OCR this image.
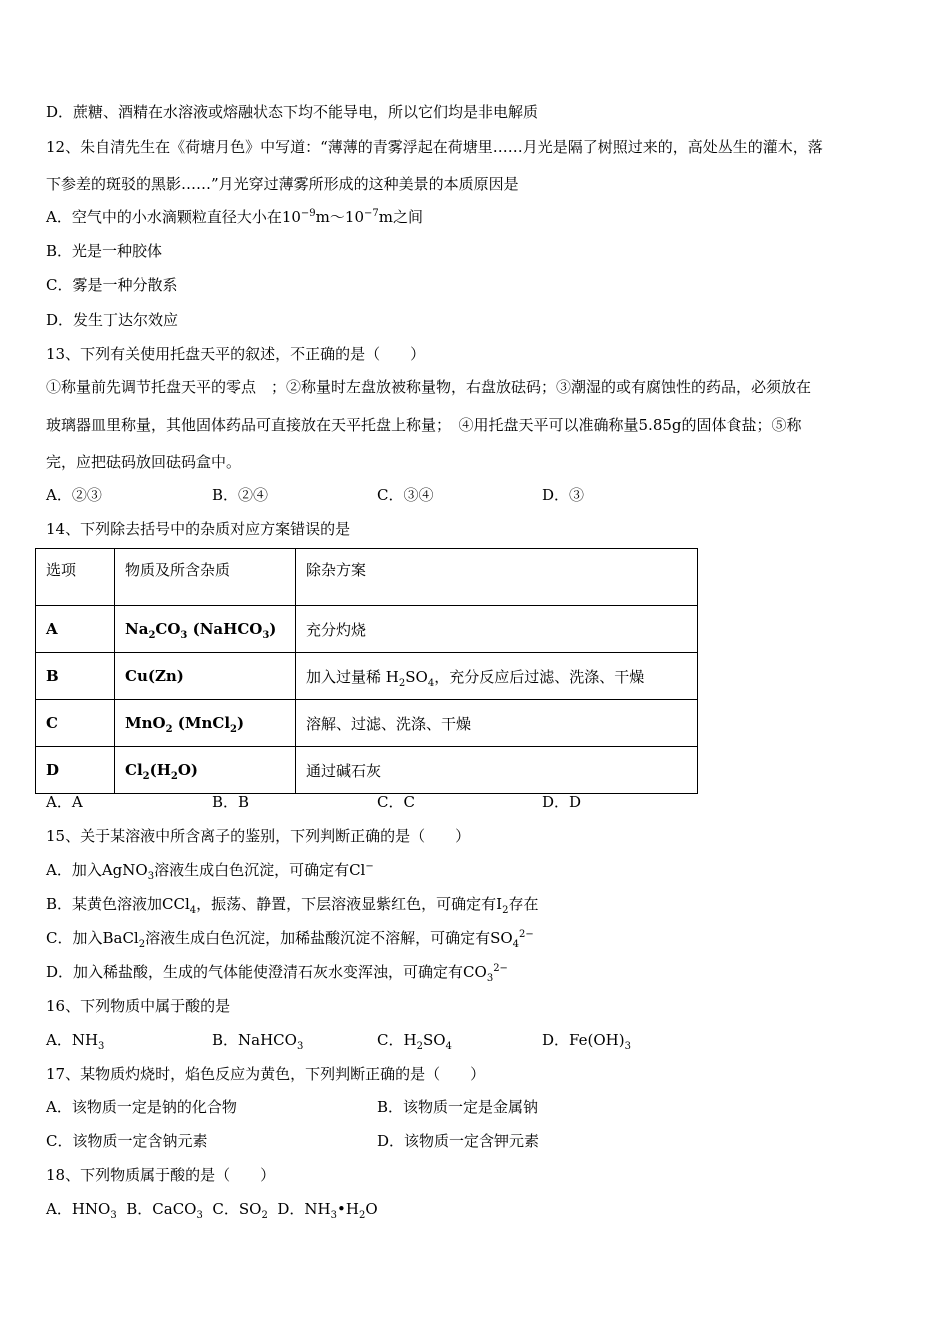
D．蔗糖、酒精在水溶液或熔融状态下均不能导电，所以它们均是非电解质
12、朱自清先生在《荷塘月色》中写道：“薄薄的青雾浮起在荷塘里……月光是隔了树照过来的，高处丛生的灌木，落
下参差的斑驳的黑影……”月光穿过薄雾所形成的这种美景的本质原因是
A．空气中的小水滴颗粒直径大小在$10^{-9}m\sim 10^{-7}m$之间
B．光是一种胶体
C．雾是一种分散系
D．发生丁达尔效应
13、下列有关使用托盘天平的叙述，不正确的是（　　）
①称量前先调节托盘天平的零点　；②称量时左盘放被称量物，右盘放砝码；③潮湿的或有腐蚀性的药品，必须放在
玻璃器皿里称量，其他固体药品可直接放在天平托盘上称量；　④用托盘天平可以准确称量5.85g的固体食盐；⑤称
完，应把砝码放回砝码盒中。
A．②③	B．②④	C．③④	D．③
14、下列除去括号中的杂质对应方案错误的是
选项	物质及所含杂质	除杂方案
A	$Na_2CO_3$ (NaHCO$_3$)	充分灼烧
B	Cu(Zn)	加入过量稀 $H_2SO_4$，充分反应后过滤、洗涤、干燥
C	MnO$_2$ (MnCl$_2$)	溶解、过滤、洗涤、干燥
D	$Cl_2(H_2O)$	通过碱石灰
A．A	B．B	C．C	D．D
15、关于某溶液中所含离子的鉴别，下列判断正确的是（　　）
A．加入AgNO$_3$溶液生成白色沉淀，可确定有Cl−
B．某黄色溶液加CCl$_4$，振荡、静置，下层溶液显紫红色，可确定有$I_2$存在
C．加入BaCl$_2$溶液生成白色沉淀，加稀盐酸沉淀不溶解，可确定有$SO_4^{2-}$
D．加入稀盐酸，生成的气体能使澄清石灰水变浑浊，可确定有$CO_3^{2-}$
16、下列物质中属于酸的是
A．$NH_3$	B．NaHCO$_3$	C．$H_2SO_4$	D．$Fe(OH)_3$
17、某物质灼烧时，焰色反应为黄色，下列判断正确的是（　　）
A．该物质一定是钠的化合物	B．该物质一定是金属钠
C．该物质一定含钠元素	D．该物质一定含钾元素
18、下列物质属于酸的是（　　）
A．$HNO_3$ B．CaCO$_3$ C．$SO_2$ D．$NH_3•H_2O$
